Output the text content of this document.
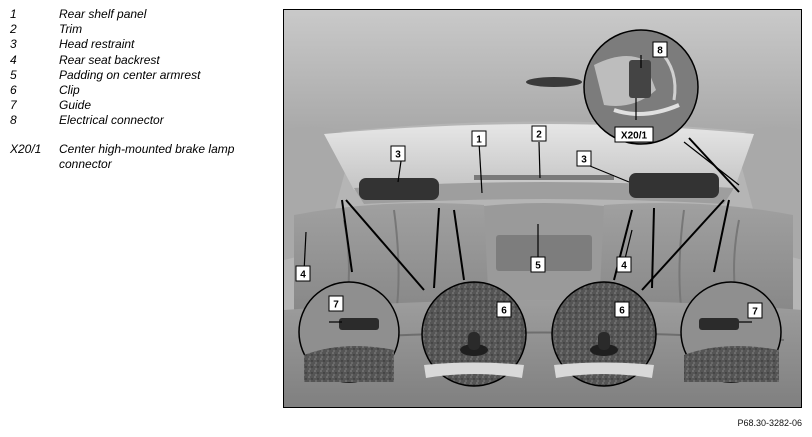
1	Rear shelf panel
2	Trim
3	Head restraint
4	Rear seat backrest
5	Padding on center armrest
6	Clip
7	Guide
8	Electrical connector
X20/1	Center high-mounted brake lamp
connector
1	2
3	3
4
4
5
6	6
7
7
8
X20/1
P68.30-3282-06
